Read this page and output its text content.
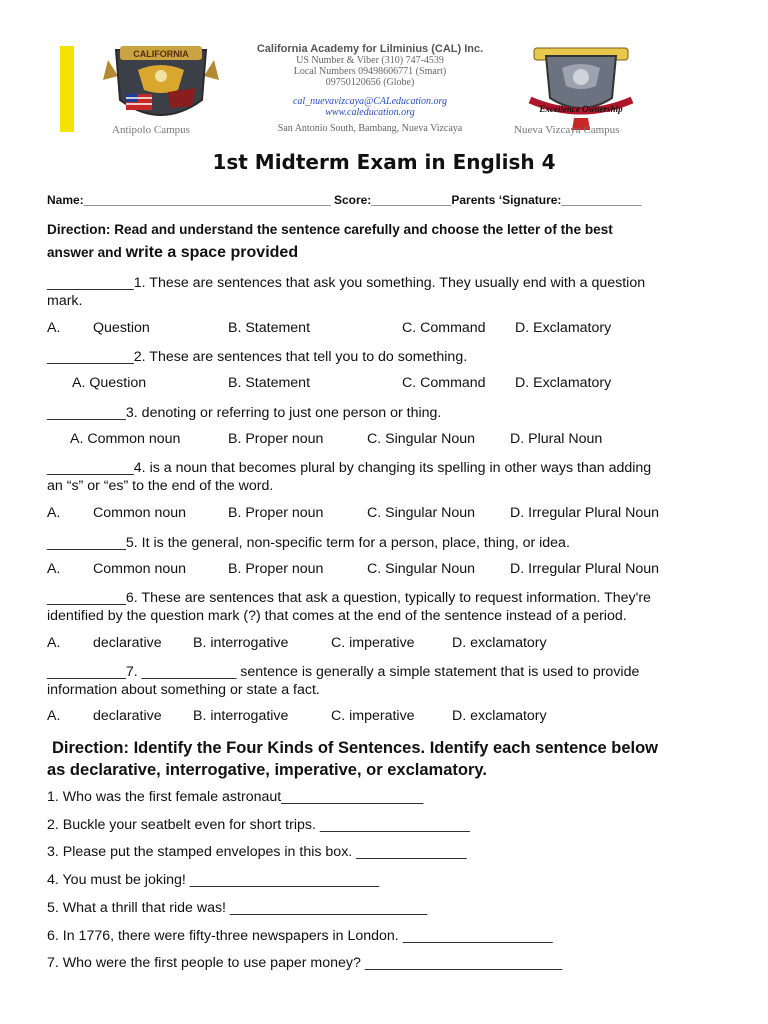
CALIFORNIA
Antipolo Campus
California Academy for Lilminius (CAL) Inc.
US Number & Viber (310) 747-4539
Local Numbers 09498606771 (Smart)
09750120656 (Globe)
cal_nuevavizcaya@CALeducation.org
www.caleducation.org
San Antonio South, Bambang, Nueva Vizcaya
Excellence Ownership
Nueva Vizcaya Campus
1st Midterm Exam in English 4
Name:_____________________________________ Score:____________Parents ‘Signature:____________
Direction: Read and understand the sentence carefully and choose the letter of the best
answer and write a space provided
___________1. These are sentences that ask you something. They usually end with a question
mark.
A. Question	B. Statement	C. Command D. Exclamatory
___________2. These are sentences that tell you to do something.
A. Question	B. Statement	C. Command D. Exclamatory
__________3. denoting or referring to just one person or thing.
A. Common noun	B. Proper noun	C. Singular Noun D. Plural Noun
___________4. is a noun that becomes plural by changing its spelling in other ways than adding
an “s” or “es” to the end of the word.
A. Common noun	B. Proper noun	C. Singular Noun D. Irregular Plural Noun
__________5. It is the general, non-specific term for a person, place, thing, or idea.
A. Common noun	B. Proper noun	C. Singular Noun D. Irregular Plural Noun
__________6. These are sentences that ask a question, typically to request information. They're
identified by the question mark (?) that comes at the end of the sentence instead of a period.
A. declarative B. interrogative	C. imperative	D. exclamatory
__________7. ____________ sentence is generally a simple statement that is used to provide
information about something or state a fact.
A. declarative B. interrogative	C. imperative	D. exclamatory
Direction: Identify the Four Kinds of Sentences. Identify each sentence below
as declarative, interrogative, imperative, or exclamatory.
1. Who was the first female astronaut__________________
2. Buckle your seatbelt even for short trips. ___________________
3. Please put the stamped envelopes in this box. ______________
4. You must be joking! ________________________
5. What a thrill that ride was! _________________________
6. In 1776, there were fifty-three newspapers in London. ___________________
7. Who were the first people to use paper money? _________________________
